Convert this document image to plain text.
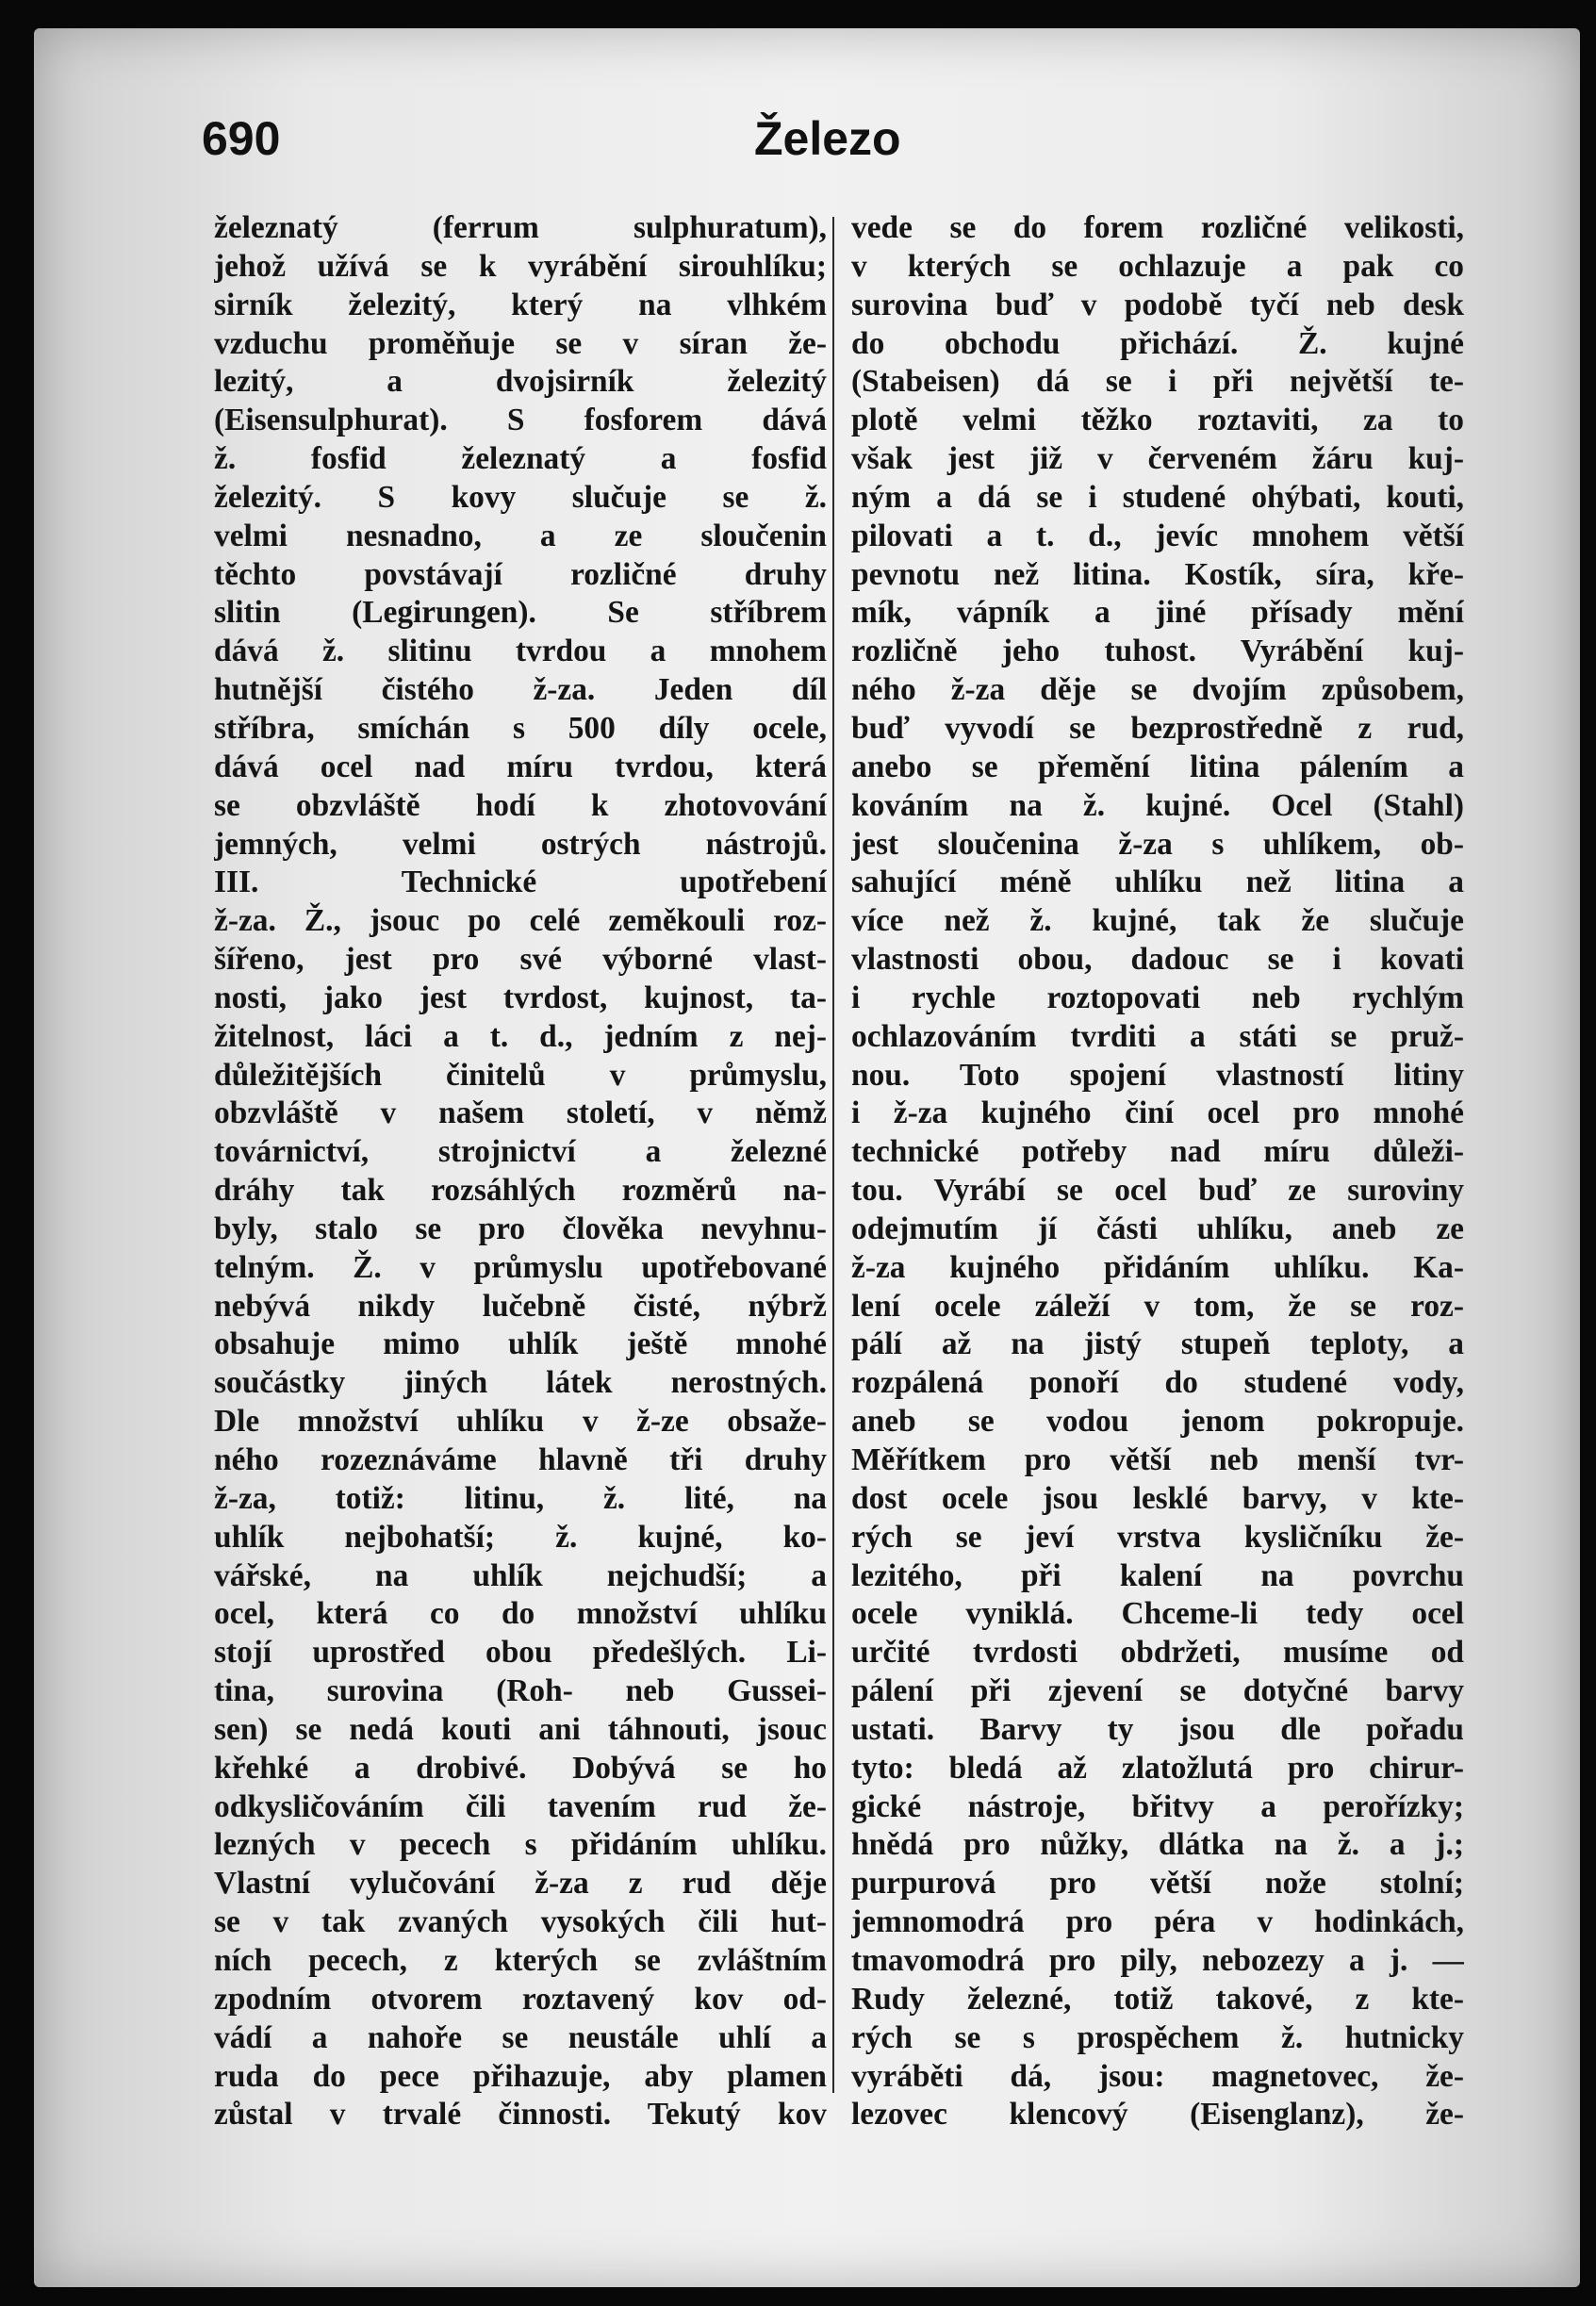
690	Železo
železnatý (ferrum sulphuratum),
jehož užívá se k vyrábění sirouhlíku;
sirník železitý, který na vlhkém
vzduchu proměňuje se v síran že-
lezitý, a dvojsirník železitý
(Eisensulphurat). S fosforem dává
ž. fosfid železnatý a fosfid
železitý. S kovy slučuje se ž.
velmi nesnadno, a ze sloučenin
těchto povstávají rozličné druhy
slitin (Legirungen). Se stříbrem
dává ž. slitinu tvrdou a mnohem
hutnější čistého ž-za. Jeden díl
stříbra, smíchán s 500 díly ocele,
dává ocel nad míru tvrdou, která
se obzvláště hodí k zhotovování
jemných, velmi ostrých nástrojů.
III. Technické upotřebení
ž-za. Ž., jsouc po celé zeměkouli roz-
šířeno, jest pro své výborné vlast-
nosti, jako jest tvrdost, kujnost, ta-
žitelnost, láci a t. d., jedním z nej-
důležitějších činitelů v průmyslu,
obzvláště v našem století, v němž
továrnictví, strojnictví a železné
dráhy tak rozsáhlých rozměrů na-
byly, stalo se pro člověka nevyhnu-
telným. Ž. v průmyslu upotřebované
nebývá nikdy lučebně čisté, nýbrž
obsahuje mimo uhlík ještě mnohé
součástky jiných látek nerostných.
Dle množství uhlíku v ž-ze obsaže-
ného rozeznáváme hlavně tři druhy
ž-za, totiž: litinu, ž. lité, na
uhlík nejbohatší; ž. kujné, ko-
vářské, na uhlík nejchudší; a
ocel, která co do množství uhlíku
stojí uprostřed obou předešlých. Li-
tina, surovina (Roh- neb Gussei-
sen) se nedá kouti ani táhnouti, jsouc
křehké a drobivé. Dobývá se ho
odkysličováním čili tavením rud že-
lezných v pecech s přidáním uhlíku.
Vlastní vylučování ž-za z rud děje
se v tak zvaných vysokých čili hut-
ních pecech, z kterých se zvláštním
zpodním otvorem roztavený kov od-
vádí a nahoře se neustále uhlí a
ruda do pece přihazuje, aby plamen
zůstal v trvalé činnosti. Tekutý kov
vede se do forem rozličné velikosti,
v kterých se ochlazuje a pak co
surovina buď v podobě tyčí neb desk
do obchodu přichází. Ž. kujné
(Stabeisen) dá se i při největší te-
plotě velmi těžko roztaviti, za to
však jest již v červeném žáru kuj-
ným a dá se i studené ohýbati, kouti,
pilovati a t. d., jevíc mnohem větší
pevnotu než litina. Kostík, síra, kře-
mík, vápník a jiné přísady mění
rozličně jeho tuhost. Vyrábění kuj-
ného ž-za děje se dvojím způsobem,
buď vyvodí se bezprostředně z rud,
anebo se přemění litina pálením a
kováním na ž. kujné. Ocel (Stahl)
jest sloučenina ž-za s uhlíkem, ob-
sahující méně uhlíku než litina a
více než ž. kujné, tak že slučuje
vlastnosti obou, dadouc se i kovati
i rychle roztopovati neb rychlým
ochlazováním tvrditi a státi se pruž-
nou. Toto spojení vlastností litiny
i ž-za kujného činí ocel pro mnohé
technické potřeby nad míru důleži-
tou. Vyrábí se ocel buď ze suroviny
odejmutím jí části uhlíku, aneb ze
ž-za kujného přidáním uhlíku. Ka-
lení ocele záleží v tom, že se roz-
pálí až na jistý stupeň teploty, a
rozpálená ponoří do studené vody,
aneb se vodou jenom pokropuje.
Měřítkem pro větší neb menší tvr-
dost ocele jsou lesklé barvy, v kte-
rých se jeví vrstva kysličníku že-
lezitého, při kalení na povrchu
ocele vyniklá. Chceme-li tedy ocel
určité tvrdosti obdržeti, musíme od
pálení při zjevení se dotyčné barvy
ustati. Barvy ty jsou dle pořadu
tyto: bledá až zlatožlutá pro chirur-
gické nástroje, břitvy a perořízky;
hnědá pro nůžky, dlátka na ž. a j.;
purpurová pro větší nože stolní;
jemnomodrá pro péra v hodinkách,
tmavomodrá pro pily, nebozezy a j. —
Rudy železné, totiž takové, z kte-
rých se s prospěchem ž. hutnicky
vyráběti dá, jsou: magnetovec, že-
lezovec klencový (Eisenglanz), že-
